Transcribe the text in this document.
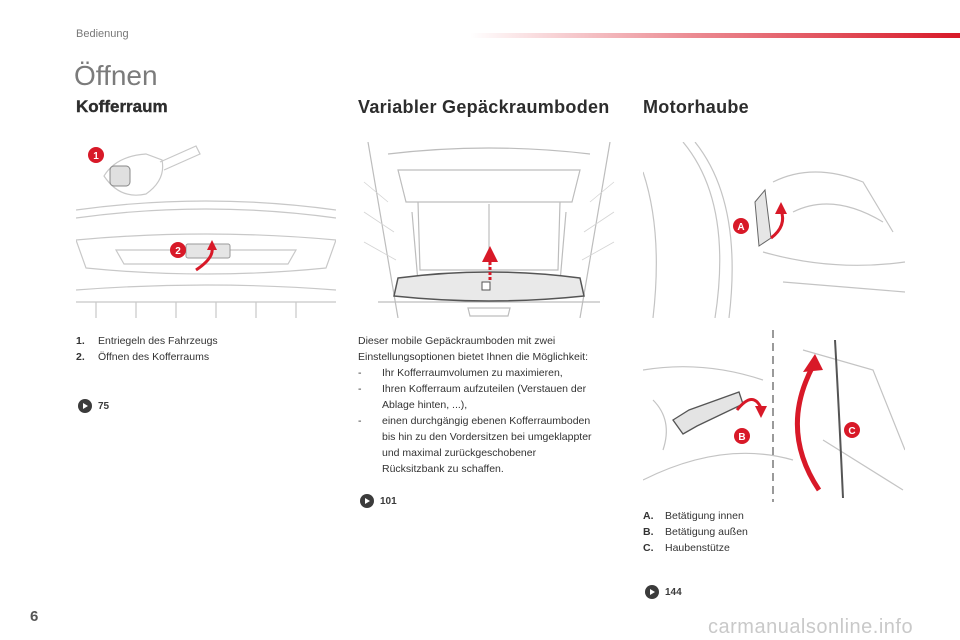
Bedienung
Öffnen
Kofferraum
1
2
1.	Entriegeln des Fahrzeugs
2.	Öffnen des Kofferraums
75
Variabler Gepäckraumboden
Dieser mobile Gepäckraumboden mit zwei
Einstellungsoptionen bietet Ihnen die Möglichkeit:
-	Ihr Kofferraumvolumen zu maximieren,
-	Ihren Kofferraum aufzuteilen (Verstauen der
Ablage hinten, ...),
-	einen durchgängig ebenen Kofferraumboden
bis hin zu den Vordersitzen bei umgeklappter
und maximal zurückgeschobener
Rücksitzbank zu schaffen.
101
Motorhaube
A
B
C
A.	Betätigung innen
B.	Betätigung außen
C.	Haubenstütze
144
6	carmanualsonline.info
